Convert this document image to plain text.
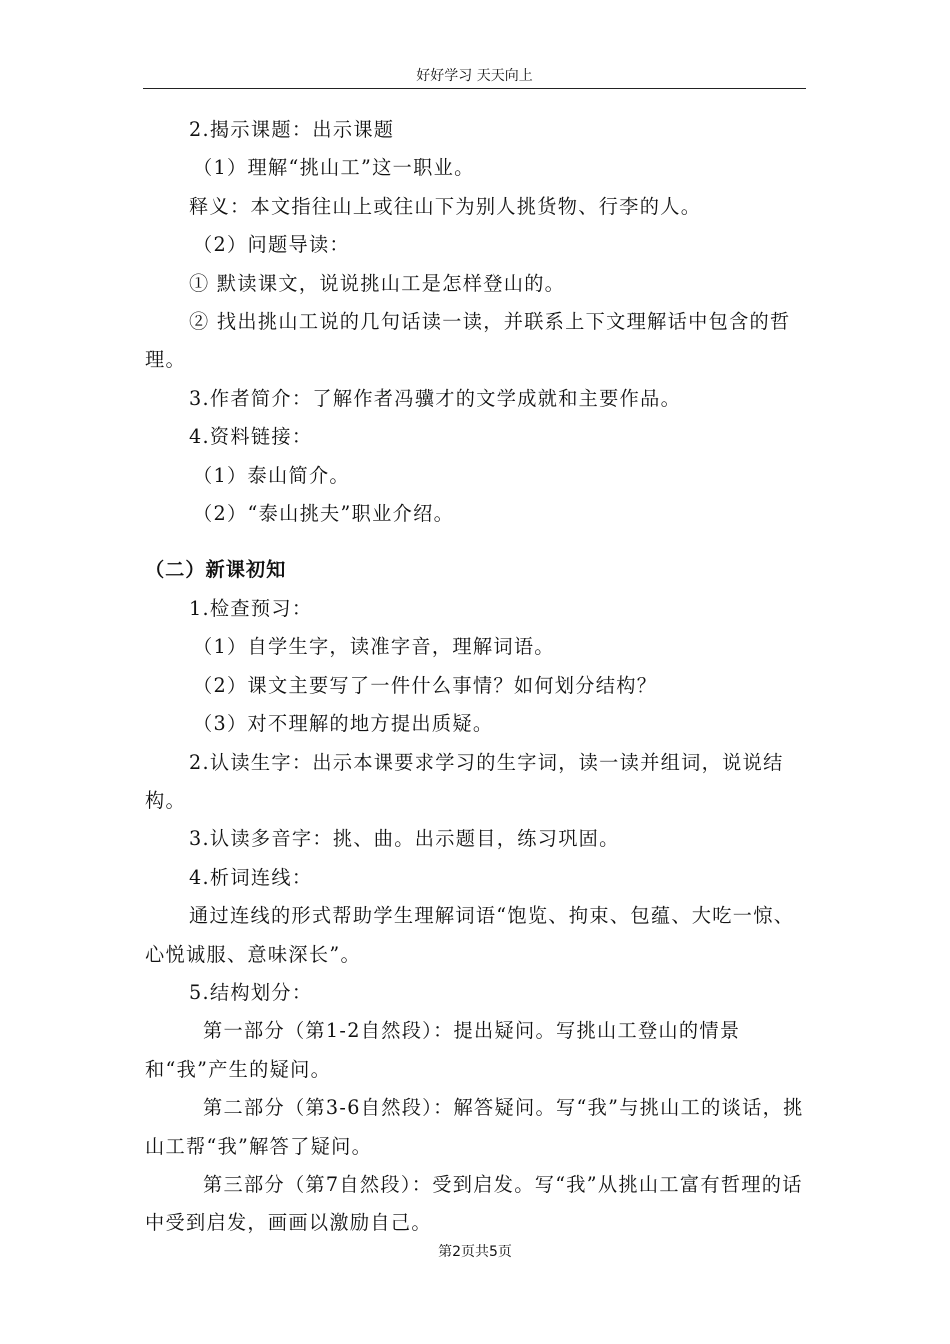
好好学习 天天向上

2.揭示课题：出示课题

（1）理解“挑山工”这一职业。

释义：本文指往山上或往山下为别人挑货物、行李的人。

（2）问题导读：

① 默读课文，说说挑山工是怎样登山的。

② 找出挑山工说的几句话读一读，并联系上下文理解话中包含的哲理。

3.作者简介：了解作者冯骥才的文学成就和主要作品。

4.资料链接：

（1）泰山简介。

（2）“泰山挑夫”职业介绍。

（二）新课初知

1.检查预习：

（1）自学生字，读准字音，理解词语。

（2）课文主要写了一件什么事情？如何划分结构？

（3）对不理解的地方提出质疑。

2.认读生字：出示本课要求学习的生字词，读一读并组词，说说结构。

3.认读多音字：挑、曲。出示题目，练习巩固。

4.析词连线：

通过连线的形式帮助学生理解词语“饱览、拘束、包蕴、大吃一惊、心悦诚服、意味深长”。

5.结构划分：

第一部分（第1-2自然段）：提出疑问。写挑山工登山的情景和“我”产生的疑问。

第二部分（第3-6自然段）：解答疑问。写“我”与挑山工的谈话，挑山工帮“我”解答了疑问。

第三部分（第7自然段）：受到启发。写“我”从挑山工富有哲理的话中受到启发，画画以激励自己。

第2页共5页
